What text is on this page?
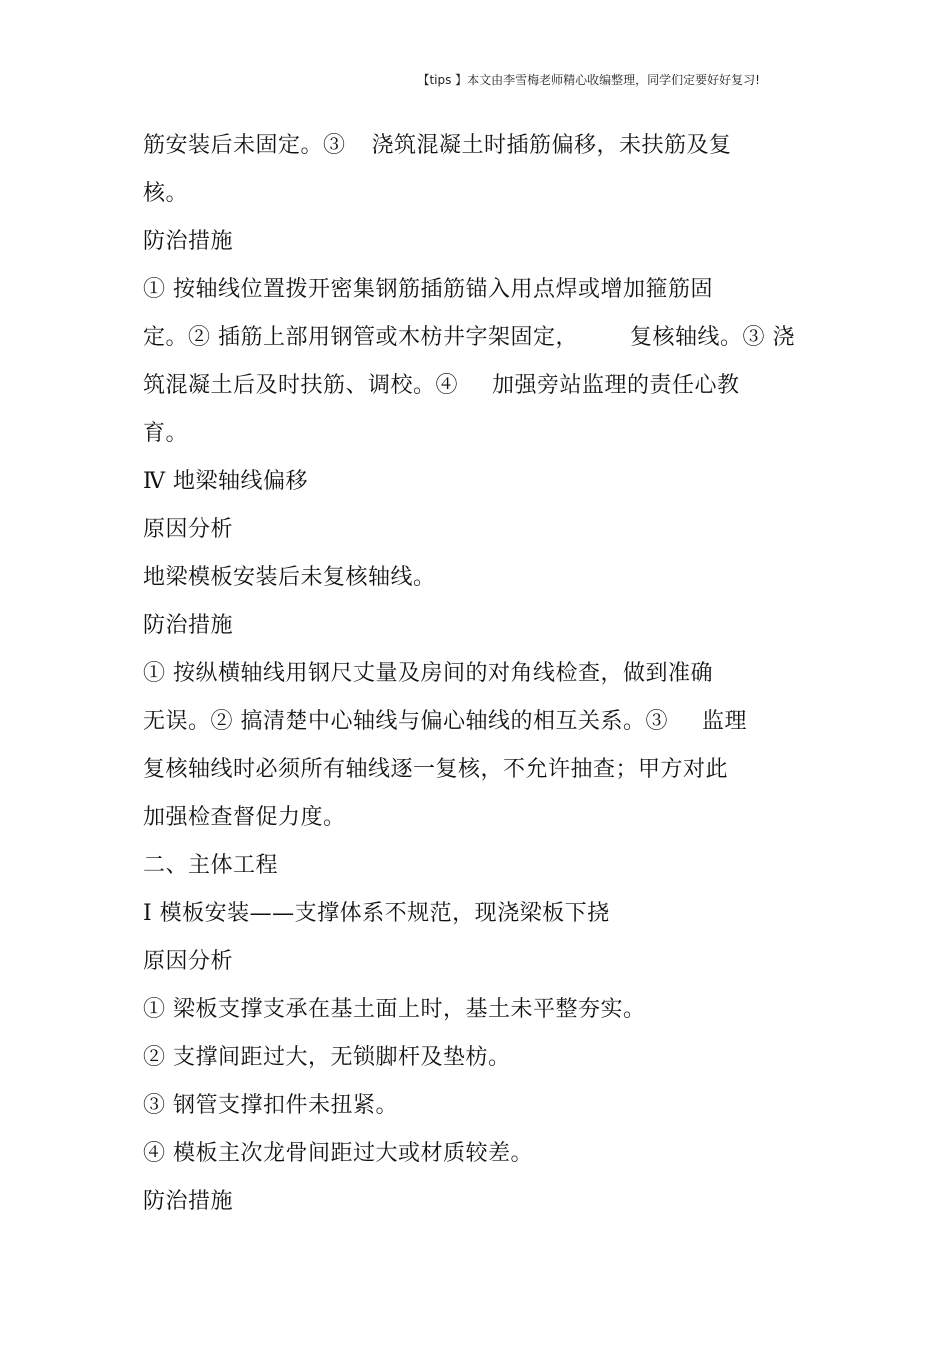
【tips 】本文由李雪梅老师精心收编整理，同学们定要好好复习!
筋安装后未固定。③ 浇筑混凝土时插筋偏移，未扶筋及复
核。
防治措施
① 按轴线位置拨开密集钢筋插筋锚入用点焊或增加箍筋固
定。② 插筋上部用钢管或木枋井字架固定， 复核轴线。③ 浇
筑混凝土后及时扶筋、调校。④ 加强旁站监理的责任心教
育。
Ⅳ 地梁轴线偏移
原因分析
地梁模板安装后未复核轴线。
防治措施
① 按纵横轴线用钢尺丈量及房间的对角线检查，做到准确
无误。② 搞清楚中心轴线与偏心轴线的相互关系。③ 监理
复核轴线时必须所有轴线逐一复核，不允许抽查；甲方对此
加强检查督促力度。
二、主体工程
Ⅰ 模板安装——支撑体系不规范，现浇梁板下挠
原因分析
① 梁板支撑支承在基土面上时，基土未平整夯实。
② 支撑间距过大，无锁脚杆及垫枋。
③ 钢管支撑扣件未扭紧。
④ 模板主次龙骨间距过大或材质较差。
防治措施
